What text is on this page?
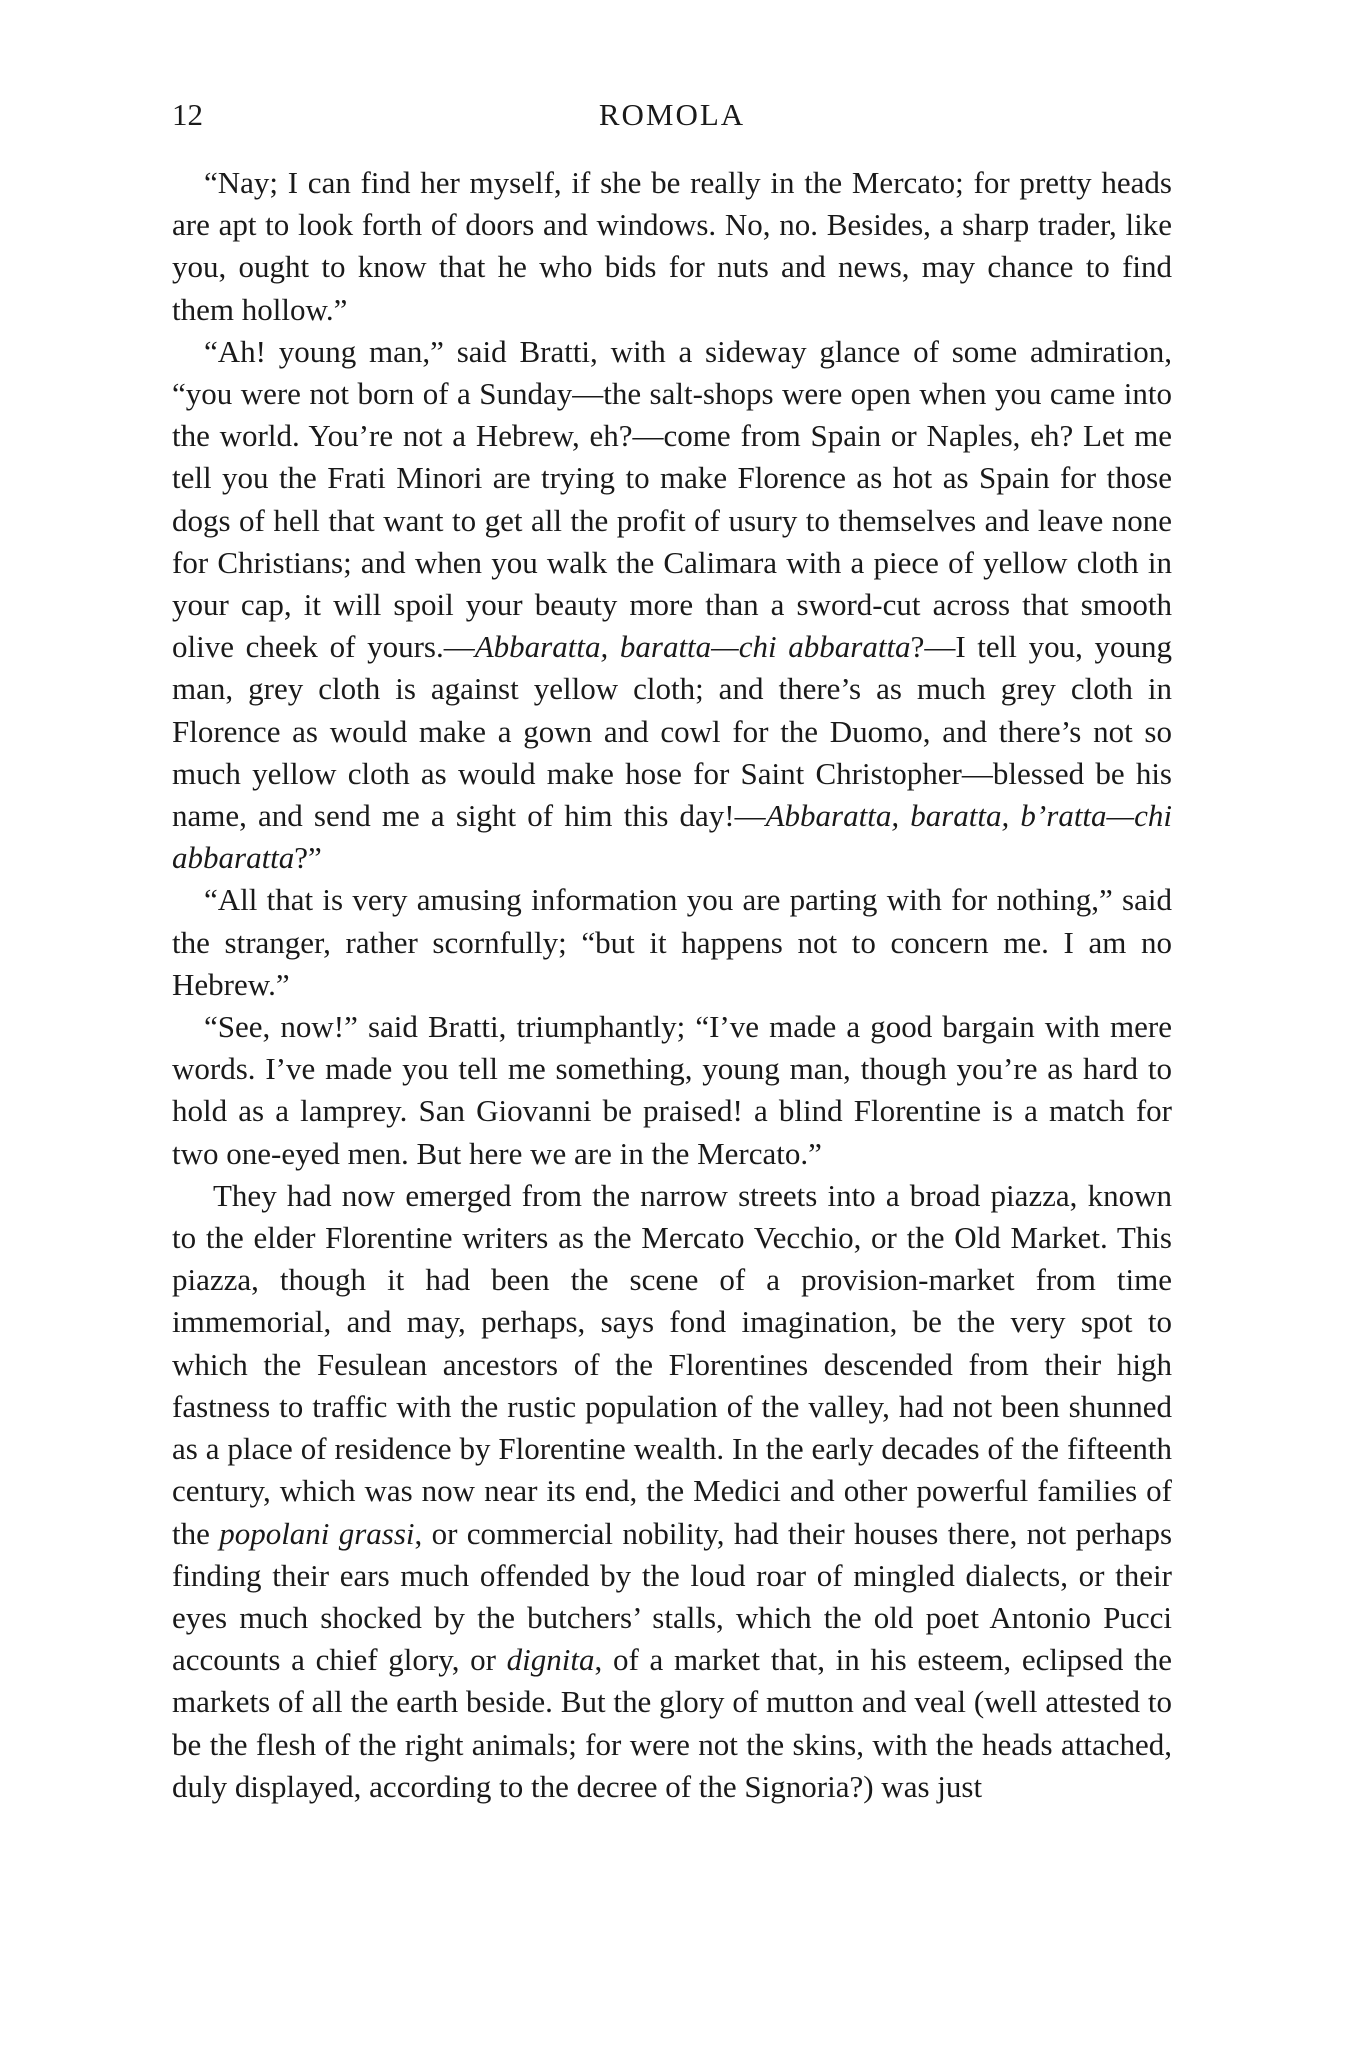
12	ROMOLA

“Nay; I can find her myself, if she be really in the Mercato; for pretty heads are apt to look forth of doors and windows. No, no. Besides, a sharp trader, like you, ought to know that he who bids for nuts and news, may chance to find them hollow.”

“Ah! young man,” said Bratti, with a sideway glance of some admiration, “you were not born of a Sunday—the salt-shops were open when you came into the world. You’re not a Hebrew, eh?—come from Spain or Naples, eh? Let me tell you the Frati Minori are trying to make Florence as hot as Spain for those dogs of hell that want to get all the profit of usury to themselves and leave none for Christians; and when you walk the Calimara with a piece of yellow cloth in your cap, it will spoil your beauty more than a sword-cut across that smooth olive cheek of yours.—Abbaratta, baratta—chi abbaratta?—I tell you, young man, grey cloth is against yellow cloth; and there’s as much grey cloth in Florence as would make a gown and cowl for the Duomo, and there’s not so much yellow cloth as would make hose for Saint Christopher—blessed be his name, and send me a sight of him this day!—Abbaratta, baratta, b’ratta—chi abbaratta?”

“All that is very amusing information you are parting with for nothing,” said the stranger, rather scornfully; “but it happens not to concern me. I am no Hebrew.”

“See, now!” said Bratti, triumphantly; “I’ve made a good bargain with mere words. I’ve made you tell me something, young man, though you’re as hard to hold as a lamprey. San Giovanni be praised! a blind Florentine is a match for two one-eyed men. But here we are in the Mercato.”

They had now emerged from the narrow streets into a broad piazza, known to the elder Florentine writers as the Mercato Vecchio, or the Old Market. This piazza, though it had been the scene of a provision-market from time immemorial, and may, perhaps, says fond imagination, be the very spot to which the Fesulean ancestors of the Florentines descended from their high fastness to traffic with the rustic population of the valley, had not been shunned as a place of residence by Florentine wealth. In the early decades of the fifteenth century, which was now near its end, the Medici and other powerful families of the popolani grassi, or commercial nobility, had their houses there, not perhaps finding their ears much offended by the loud roar of mingled dialects, or their eyes much shocked by the butchers’ stalls, which the old poet Antonio Pucci accounts a chief glory, or dignita, of a market that, in his esteem, eclipsed the markets of all the earth beside. But the glory of mutton and veal (well attested to be the flesh of the right animals; for were not the skins, with the heads attached, duly displayed, according to the decree of the Signoria?) was just
